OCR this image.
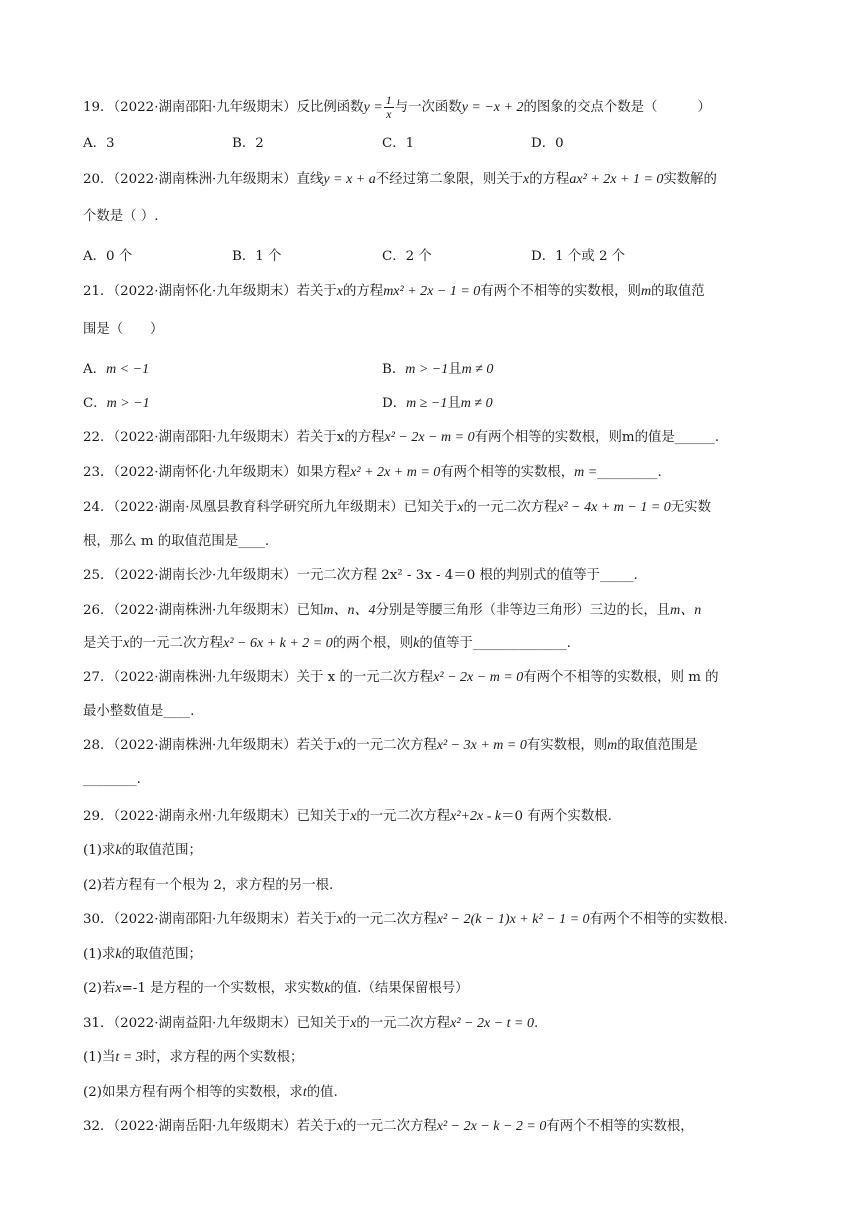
19．（2022·湖南邵阳·九年级期末）反比例函数$y = \frac{1}{x}$ 与一次函数y = −x + 2的图象的交点个数是（　　　）
A．3	B．2	C．1	D．0
20．（2022·湖南株洲·九年级期末）直线y = x + a不经过第二象限，则关于x的方程ax² + 2x + 1 = 0实数解的
个数是（ ）.
A．0 个	B．1 个	C．2 个	D．1 个或 2 个
21．（2022·湖南怀化·九年级期末）若关于x的方程mx² + 2x − 1 = 0有两个不相等的实数根，则m的取值范
围是（　　）
A．m < −1	B．m > −1且m ≠ 0
C．m > −1	D．m ≥ −1且m ≠ 0
22．（2022·湖南邵阳·九年级期末）若关于x的方程x² − 2x − m = 0有两个相等的实数根，则m的值是______.
23．（2022·湖南怀化·九年级期末）如果方程x² + 2x + m = 0有两个相等的实数根，m =_________.
24．（2022·湖南·凤凰县教育科学研究所九年级期末）已知关于x的一元二次方程x² − 4x + m − 1 = 0无实数
根，那么 m 的取值范围是____.
25．（2022·湖南长沙·九年级期末）一元二次方程 2x² ‑ 3x ‑ 4＝0 根的判别式的值等于_____.
26．（2022·湖南株洲·九年级期末）已知m、n、4分别是等腰三角形（非等边三角形）三边的长，且m、n
是关于x的一元二次方程x² − 6x + k + 2 = 0的两个根，则k的值等于______________.
27．（2022·湖南株洲·九年级期末）关于 x 的一元二次方程x² − 2x − m = 0有两个不相等的实数根，则 m 的
最小整数值是____.
28．（2022·湖南株洲·九年级期末）若关于x的一元二次方程x² − 3x + m = 0有实数根，则m的取值范围是
________.
29．（2022·湖南永州·九年级期末）已知关于x的一元二次方程x²+2x ‑ k＝0 有两个实数根.
(1)求k的取值范围；
(2)若方程有一个根为 2，求方程的另一根.
30．（2022·湖南邵阳·九年级期末）若关于x的一元二次方程x² − 2(k − 1)x + k² − 1 = 0有两个不相等的实数根.
(1)求k的取值范围；
(2)若x=-1 是方程的一个实数根，求实数k的值.（结果保留根号）
31．（2022·湖南益阳·九年级期末）已知关于x的一元二次方程x² − 2x − t = 0.
(1)当t = 3时，求方程的两个实数根；
(2)如果方程有两个相等的实数根，求t的值.
32．（2022·湖南岳阳·九年级期末）若关于x的一元二次方程x² − 2x − k − 2 = 0有两个不相等的实数根，
